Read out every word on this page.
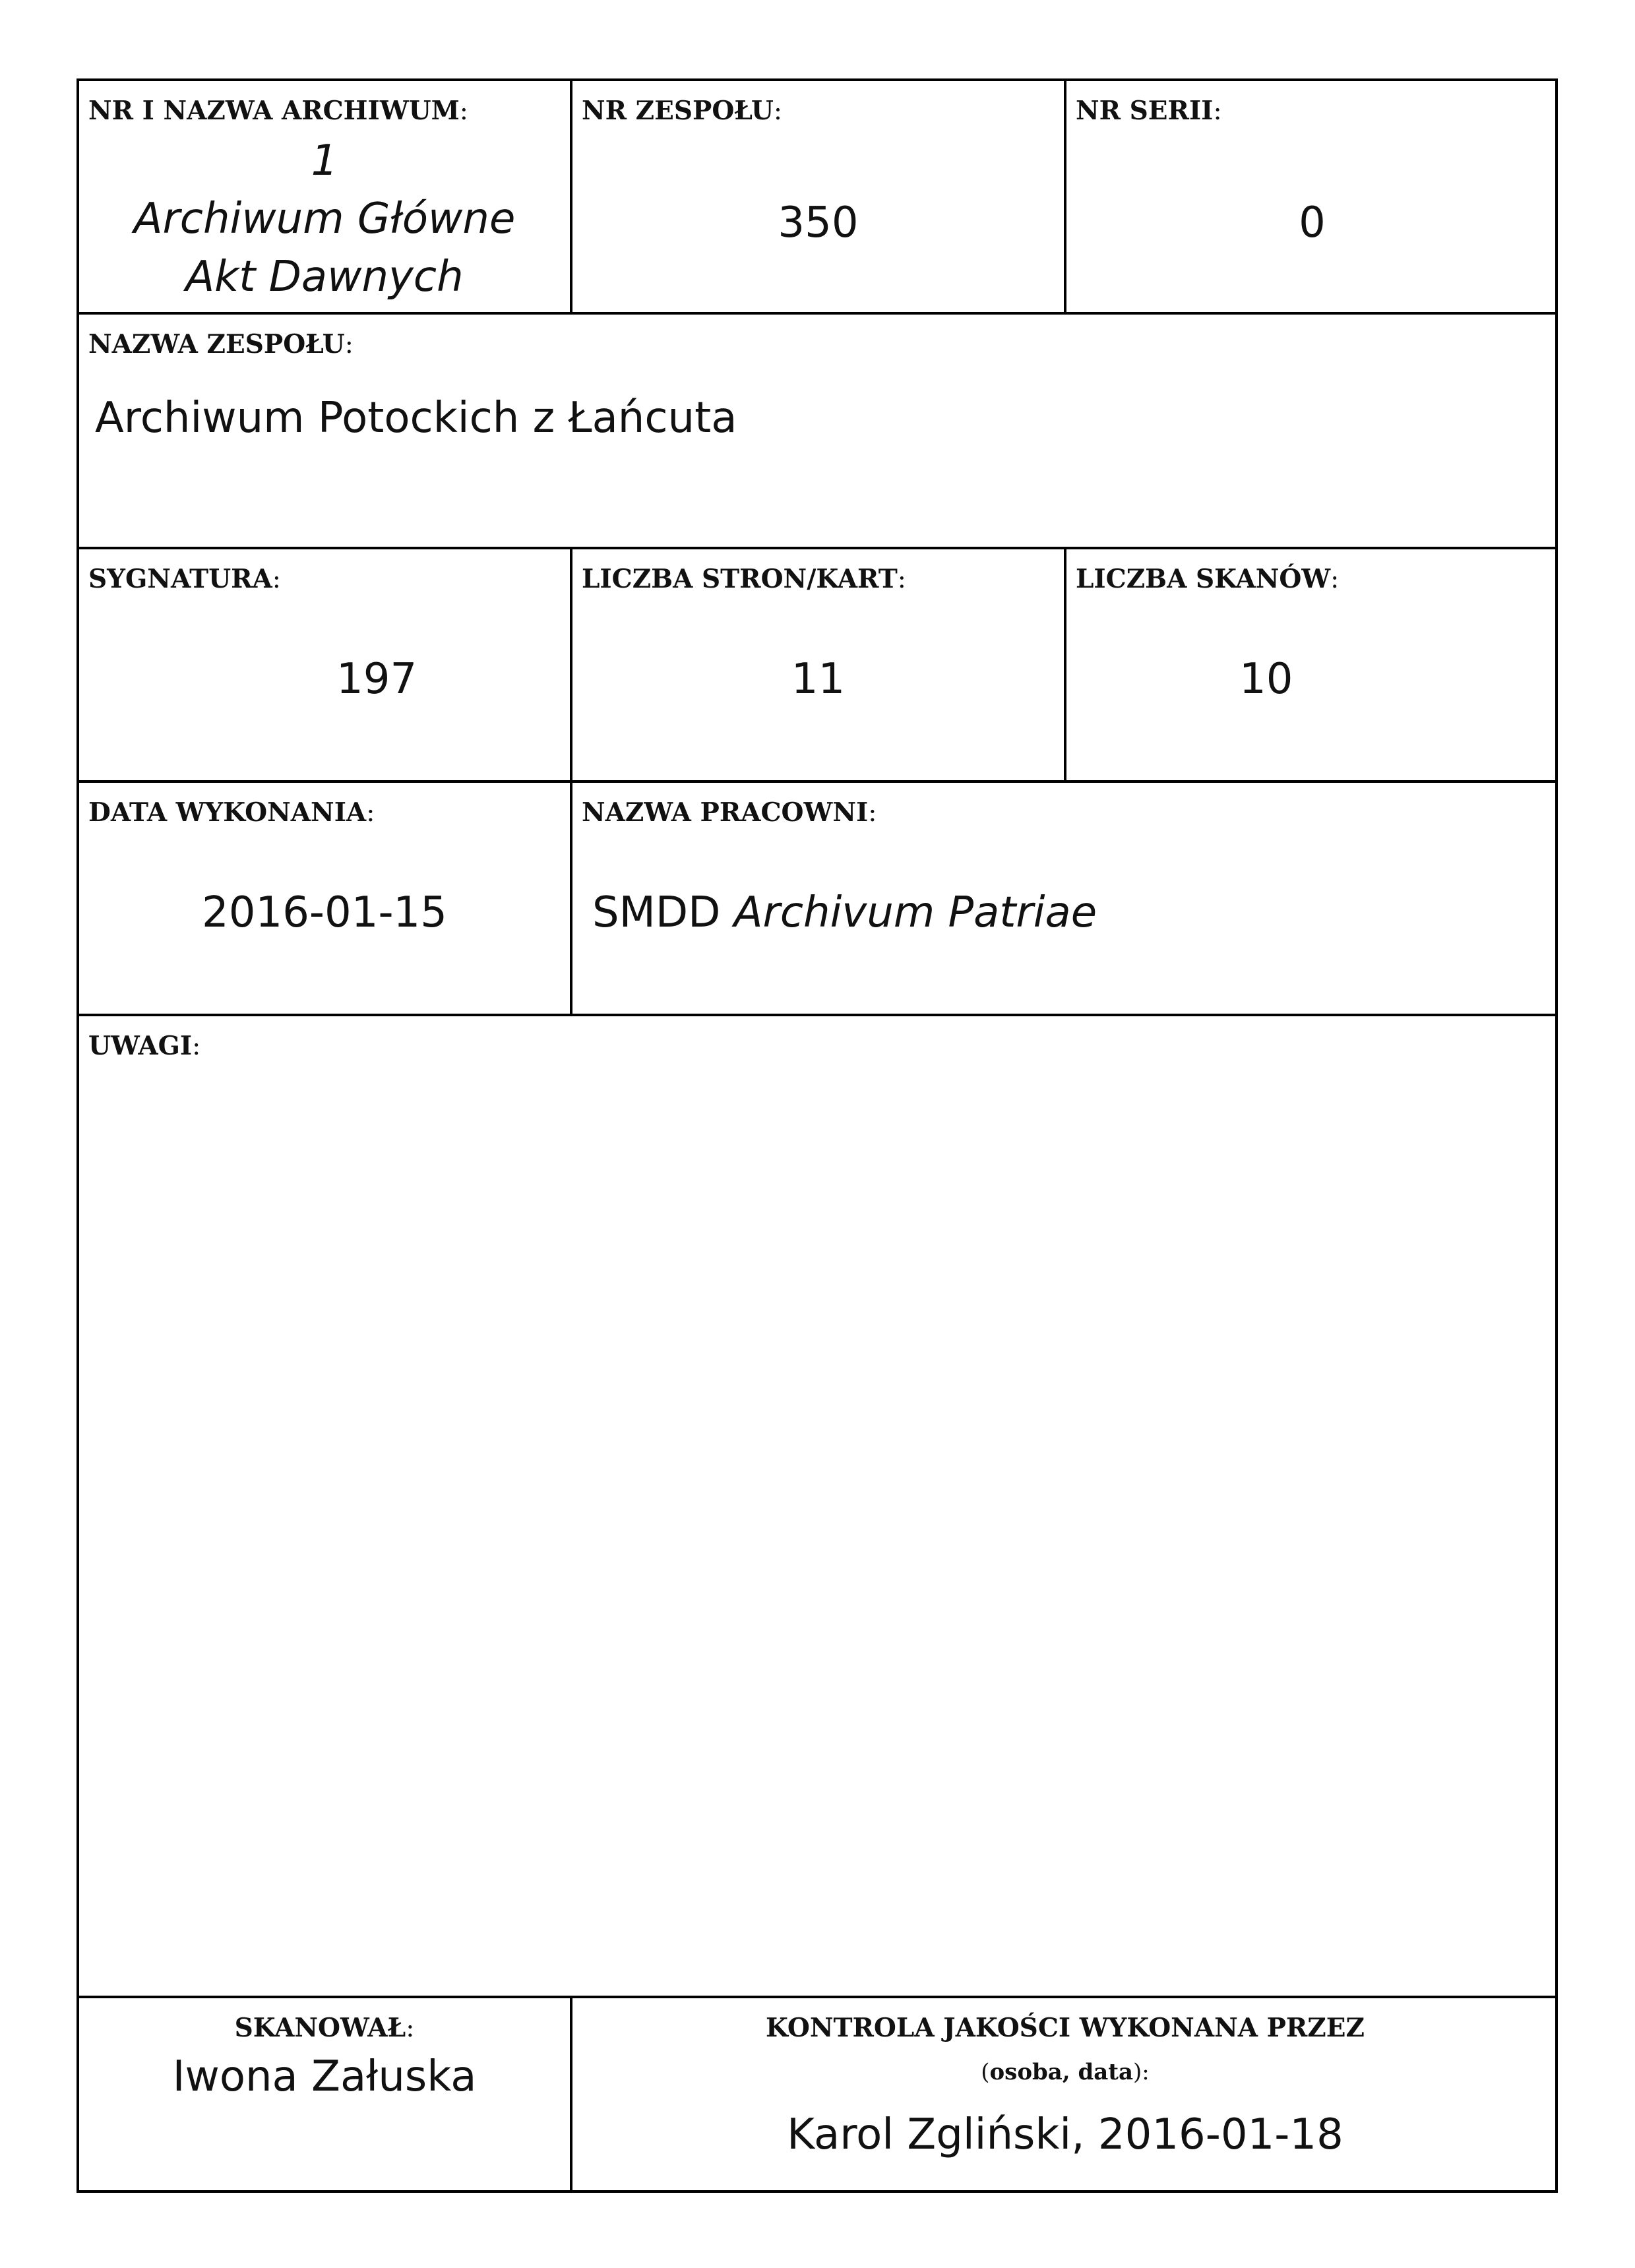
NR I NAZWA ARCHIWUM:
1
Archiwum Główne
Akt Dawnych
NR ZESPOŁU:
350
NR SERII:
0
NAZWA ZESPOŁU:
Archiwum Potockich z Łańcuta
SYGNATURA:
197
LICZBA STRON/KART:
11
LICZBA SKANÓW:
10
DATA WYKONANIA:
2016-01-15
NAZWA PRACOWNI:
SMDD Archivum Patriae
UWAGI:
SKANOWAŁ:
Iwona Załuska
KONTROLA JAKOŚCI WYKONANA PRZEZ
(osoba, data):
Karol Zgliński, 2016-01-18
